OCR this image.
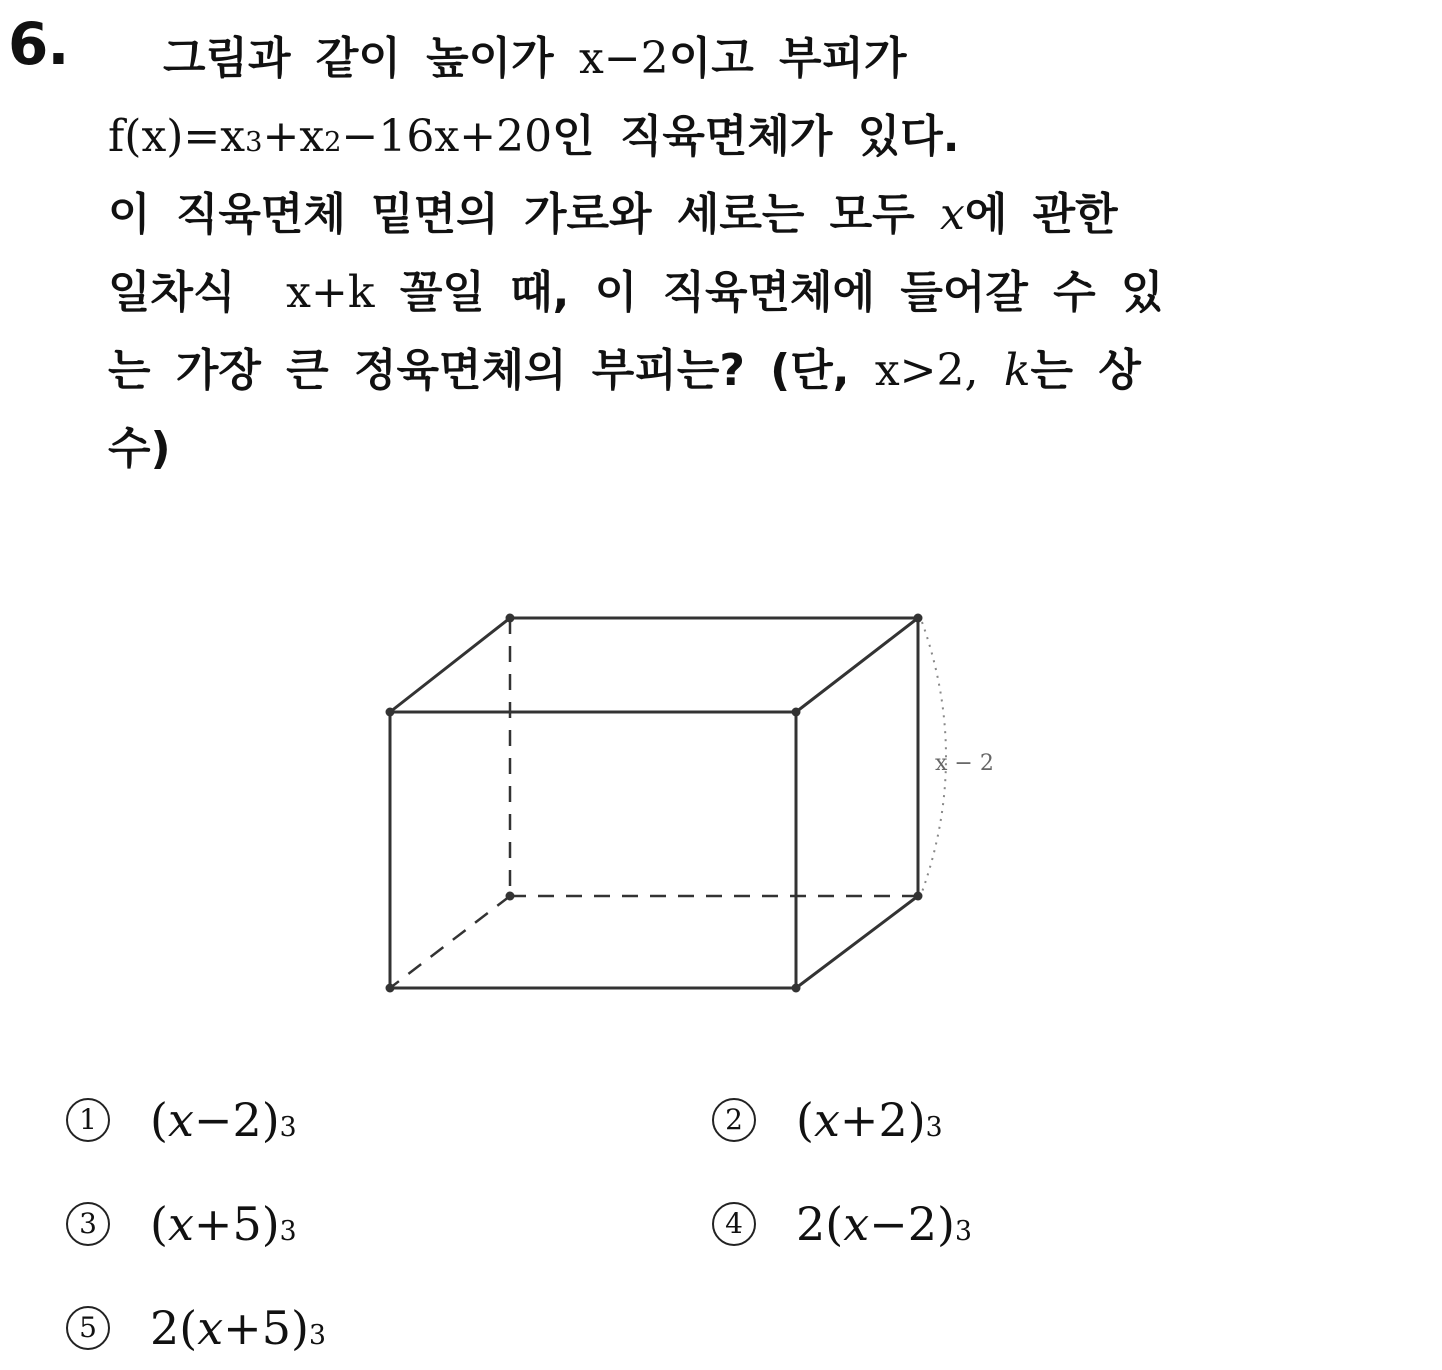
6.	그림과 같이 높이가 x−2이고 부피가
$f(x)=x^3+x^2-16x+20$인 직육면체가 있다.
이 직육면체 밑면의 가로와 세로는 모두 x에 관한
일차식 x+k 꼴일 때, 이 직육면체에 들어갈 수 있
는 가장 큰 정육면체의 부피는? (단, x>2, k는 상
수)
x − 2
1 $(x-2)^3$	2 $(x+2)^3$
3 $(x+5)^3$	4 $2(x-2)^3$
5 $2(x+5)^3$
